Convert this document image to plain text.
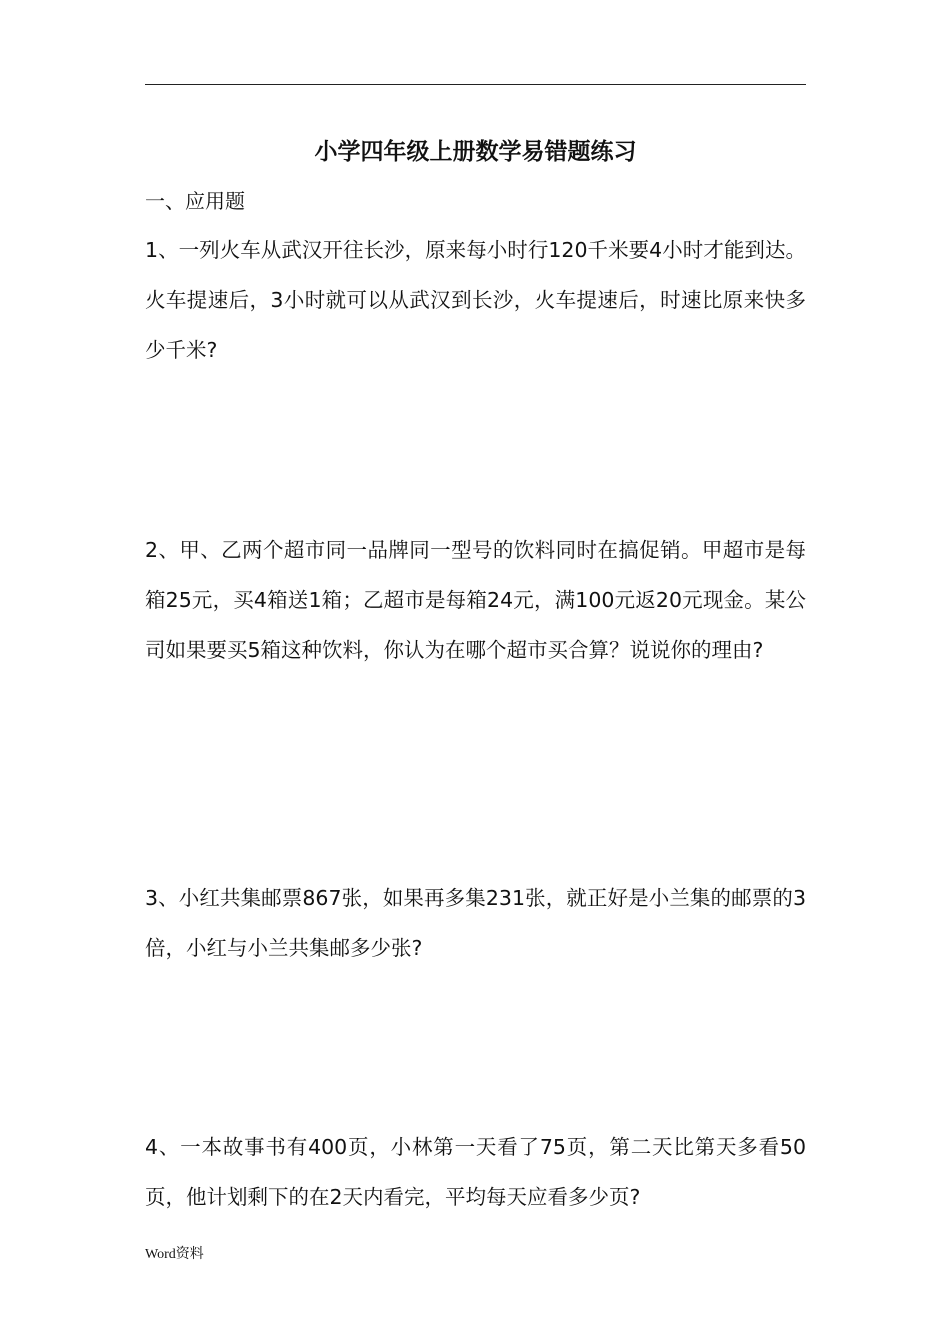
小学四年级上册数学易错题练习
一、应用题

1、一列火车从武汉开往长沙，原来每小时行120千米要4小时才能到达。火车提速后，3小时就可以从武汉到长沙，火车提速后，时速比原来快多少千米?

2、甲、乙两个超市同一品牌同一型号的饮料同时在搞促销。甲超市是每箱25元，买4箱送1箱；乙超市是每箱24元，满100元返20元现金。某公司如果要买5箱这种饮料，你认为在哪个超市买合算？说说你的理由?

3、小红共集邮票867张，如果再多集231张，就正好是小兰集的邮票的3倍，小红与小兰共集邮多少张?

4、一本故事书有400页，小林第一天看了75页，第二天比第天多看50页，他计划剩下的在2天内看完，平均每天应看多少页?

Word资料
